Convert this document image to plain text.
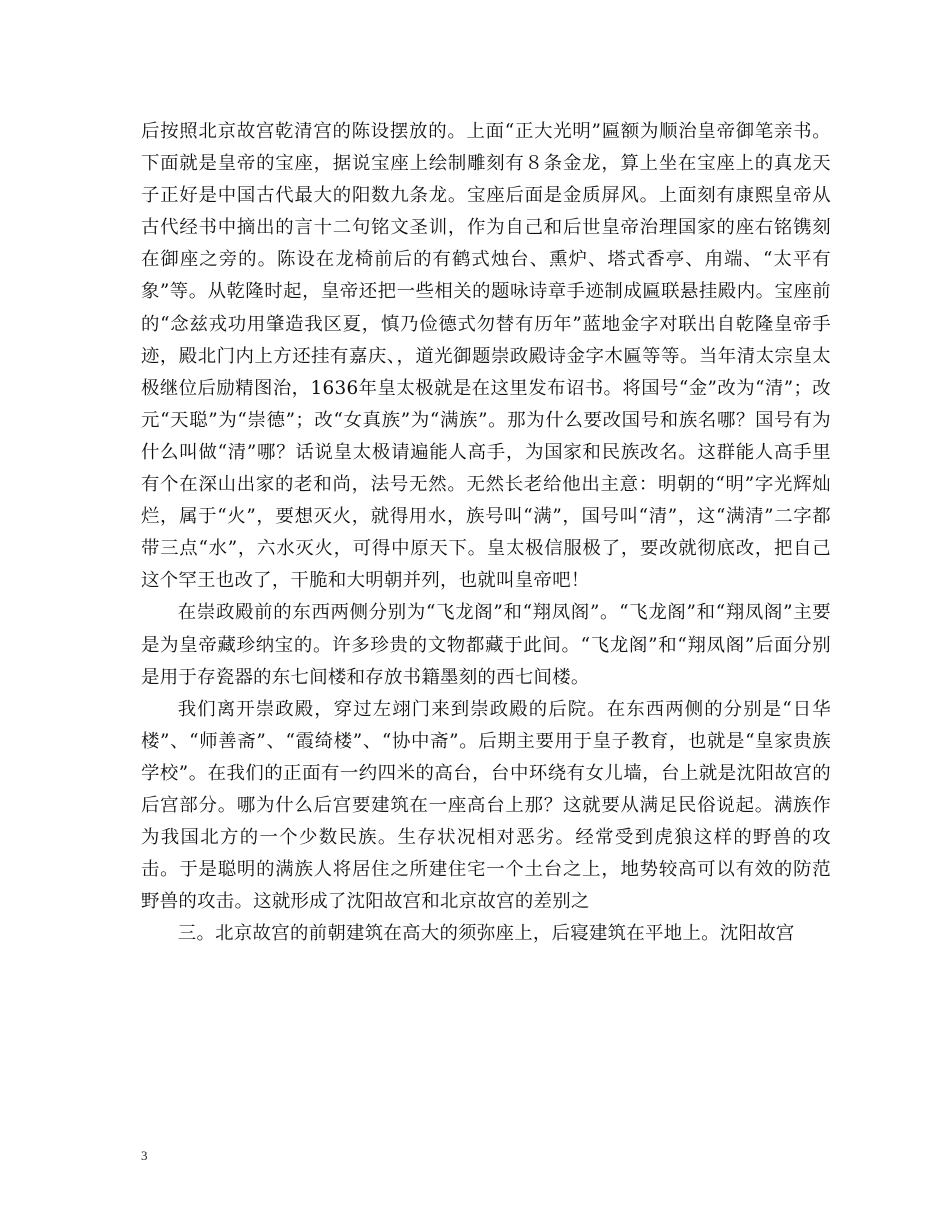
后按照北京故宫乾清宫的陈设摆放的。上面“正大光明”匾额为顺治皇帝御笔亲书。下面就是皇帝的宝座，据说宝座上绘制雕刻有８条金龙，算上坐在宝座上的真龙天子正好是中国古代最大的阳数九条龙。宝座后面是金质屏风。上面刻有康熙皇帝从古代经书中摘出的言十二句铭文圣训，作为自己和后世皇帝治理国家的座右铭镌刻在御座之旁的。陈设在龙椅前后的有鹤式烛台、熏炉、塔式香亭、甪端、“太平有象”等。从乾隆时起，皇帝还把一些相关的题咏诗章手迹制成匾联悬挂殿内。宝座前的“念兹戎功用肇造我区夏，慎乃俭德式勿替有历年”蓝地金字对联出自乾隆皇帝手迹，殿北门内上方还挂有嘉庆、，道光御题崇政殿诗金字木匾等等。当年清太宗皇太极继位后励精图治，1636年皇太极就是在这里发布诏书。将国号“金”改为“清”；改元“天聪”为“崇德”；改“女真族”为“满族”。那为什么要改国号和族名哪？国号有为什么叫做“清”哪？话说皇太极请遍能人高手，为国家和民族改名。这群能人高手里有个在深山出家的老和尚，法号无然。无然长老给他出主意：明朝的“明”字光辉灿烂，属于“火”，要想灭火，就得用水，族号叫“满”，国号叫“清”，这“满清”二字都带三点“水”，六水灭火，可得中原天下。皇太极信服极了，要改就彻底改，把自己这个罕王也改了，干脆和大明朝并列，也就叫皇帝吧！

在崇政殿前的东西两侧分别为“飞龙阁”和“翔凤阁”。“飞龙阁”和“翔凤阁”主要是为皇帝藏珍纳宝的。许多珍贵的文物都藏于此间。“飞龙阁”和“翔凤阁”后面分别是用于存瓷器的东七间楼和存放书籍墨刻的西七间楼。

我们离开崇政殿，穿过左翊门来到崇政殿的后院。在东西两侧的分别是“日华楼”、“师善斋”、“霞绮楼”、“协中斋”。后期主要用于皇子教育，也就是“皇家贵族学校”。在我们的正面有一约四米的高台，台中环绕有女儿墙，台上就是沈阳故宫的后宫部分。哪为什么后宫要建筑在一座高台上那？这就要从满足民俗说起。满族作为我国北方的一个少数民族。生存状况相对恶劣。经常受到虎狼这样的野兽的攻击。于是聪明的满族人将居住之所建住宅一个土台之上，地势较高可以有效的防范野兽的攻击。这就形成了沈阳故宫和北京故宫的差别之

三。北京故宫的前朝建筑在高大的须弥座上，后寝建筑在平地上。沈阳故宫

3
